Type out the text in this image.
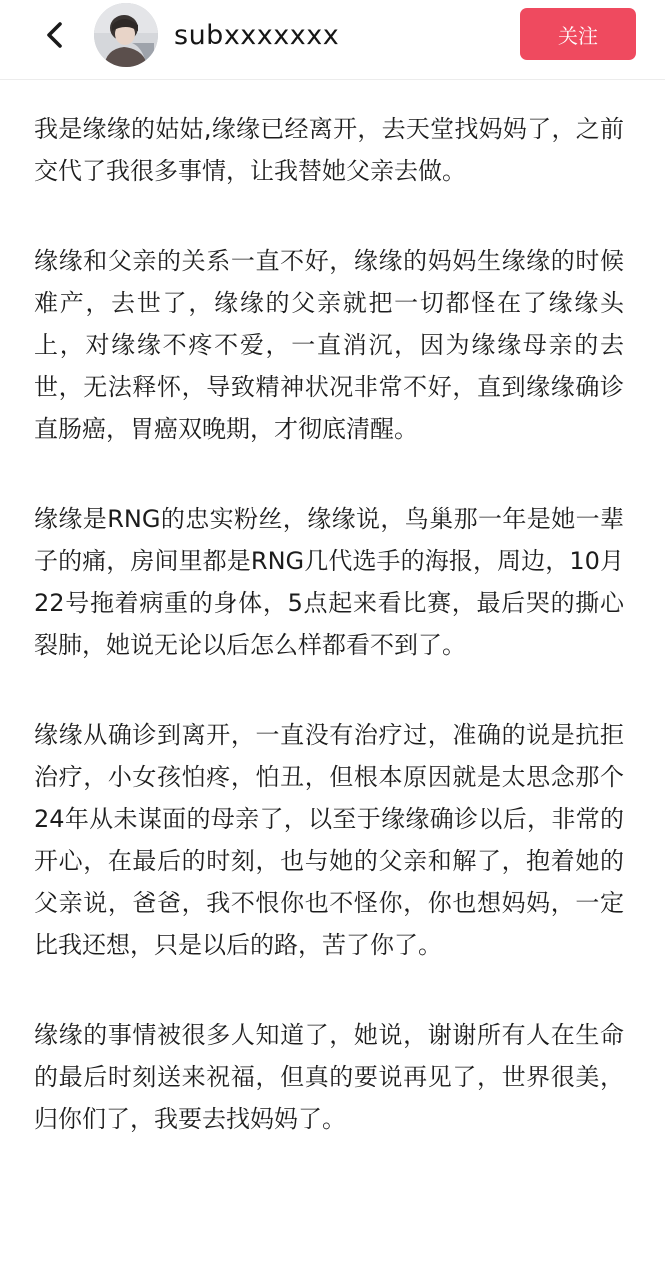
subxxxxxxx	关注

我是缘缘的姑姑,缘缘已经离开，去天堂找妈妈了，之前交代了我很多事情，让我替她父亲去做。

缘缘和父亲的关系一直不好，缘缘的妈妈生缘缘的时候难产，去世了，缘缘的父亲就把一切都怪在了缘缘头上，对缘缘不疼不爱，一直消沉，因为缘缘母亲的去世，无法释怀，导致精神状况非常不好，直到缘缘确诊直肠癌，胃癌双晚期，才彻底清醒。

缘缘是RNG的忠实粉丝，缘缘说，鸟巢那一年是她一辈子的痛，房间里都是RNG几代选手的海报，周边，10月22号拖着病重的身体，5点起来看比赛，最后哭的撕心裂肺，她说无论以后怎么样都看不到了。

缘缘从确诊到离开，一直没有治疗过，准确的说是抗拒治疗，小女孩怕疼，怕丑，但根本原因就是太思念那个24年从未谋面的母亲了，以至于缘缘确诊以后，非常的开心，在最后的时刻，也与她的父亲和解了，抱着她的父亲说，爸爸，我不恨你也不怪你，你也想妈妈，一定比我还想，只是以后的路，苦了你了。

缘缘的事情被很多人知道了，她说，谢谢所有人在生命的最后时刻送来祝福，但真的要说再见了，世界很美，归你们了，我要去找妈妈了。
